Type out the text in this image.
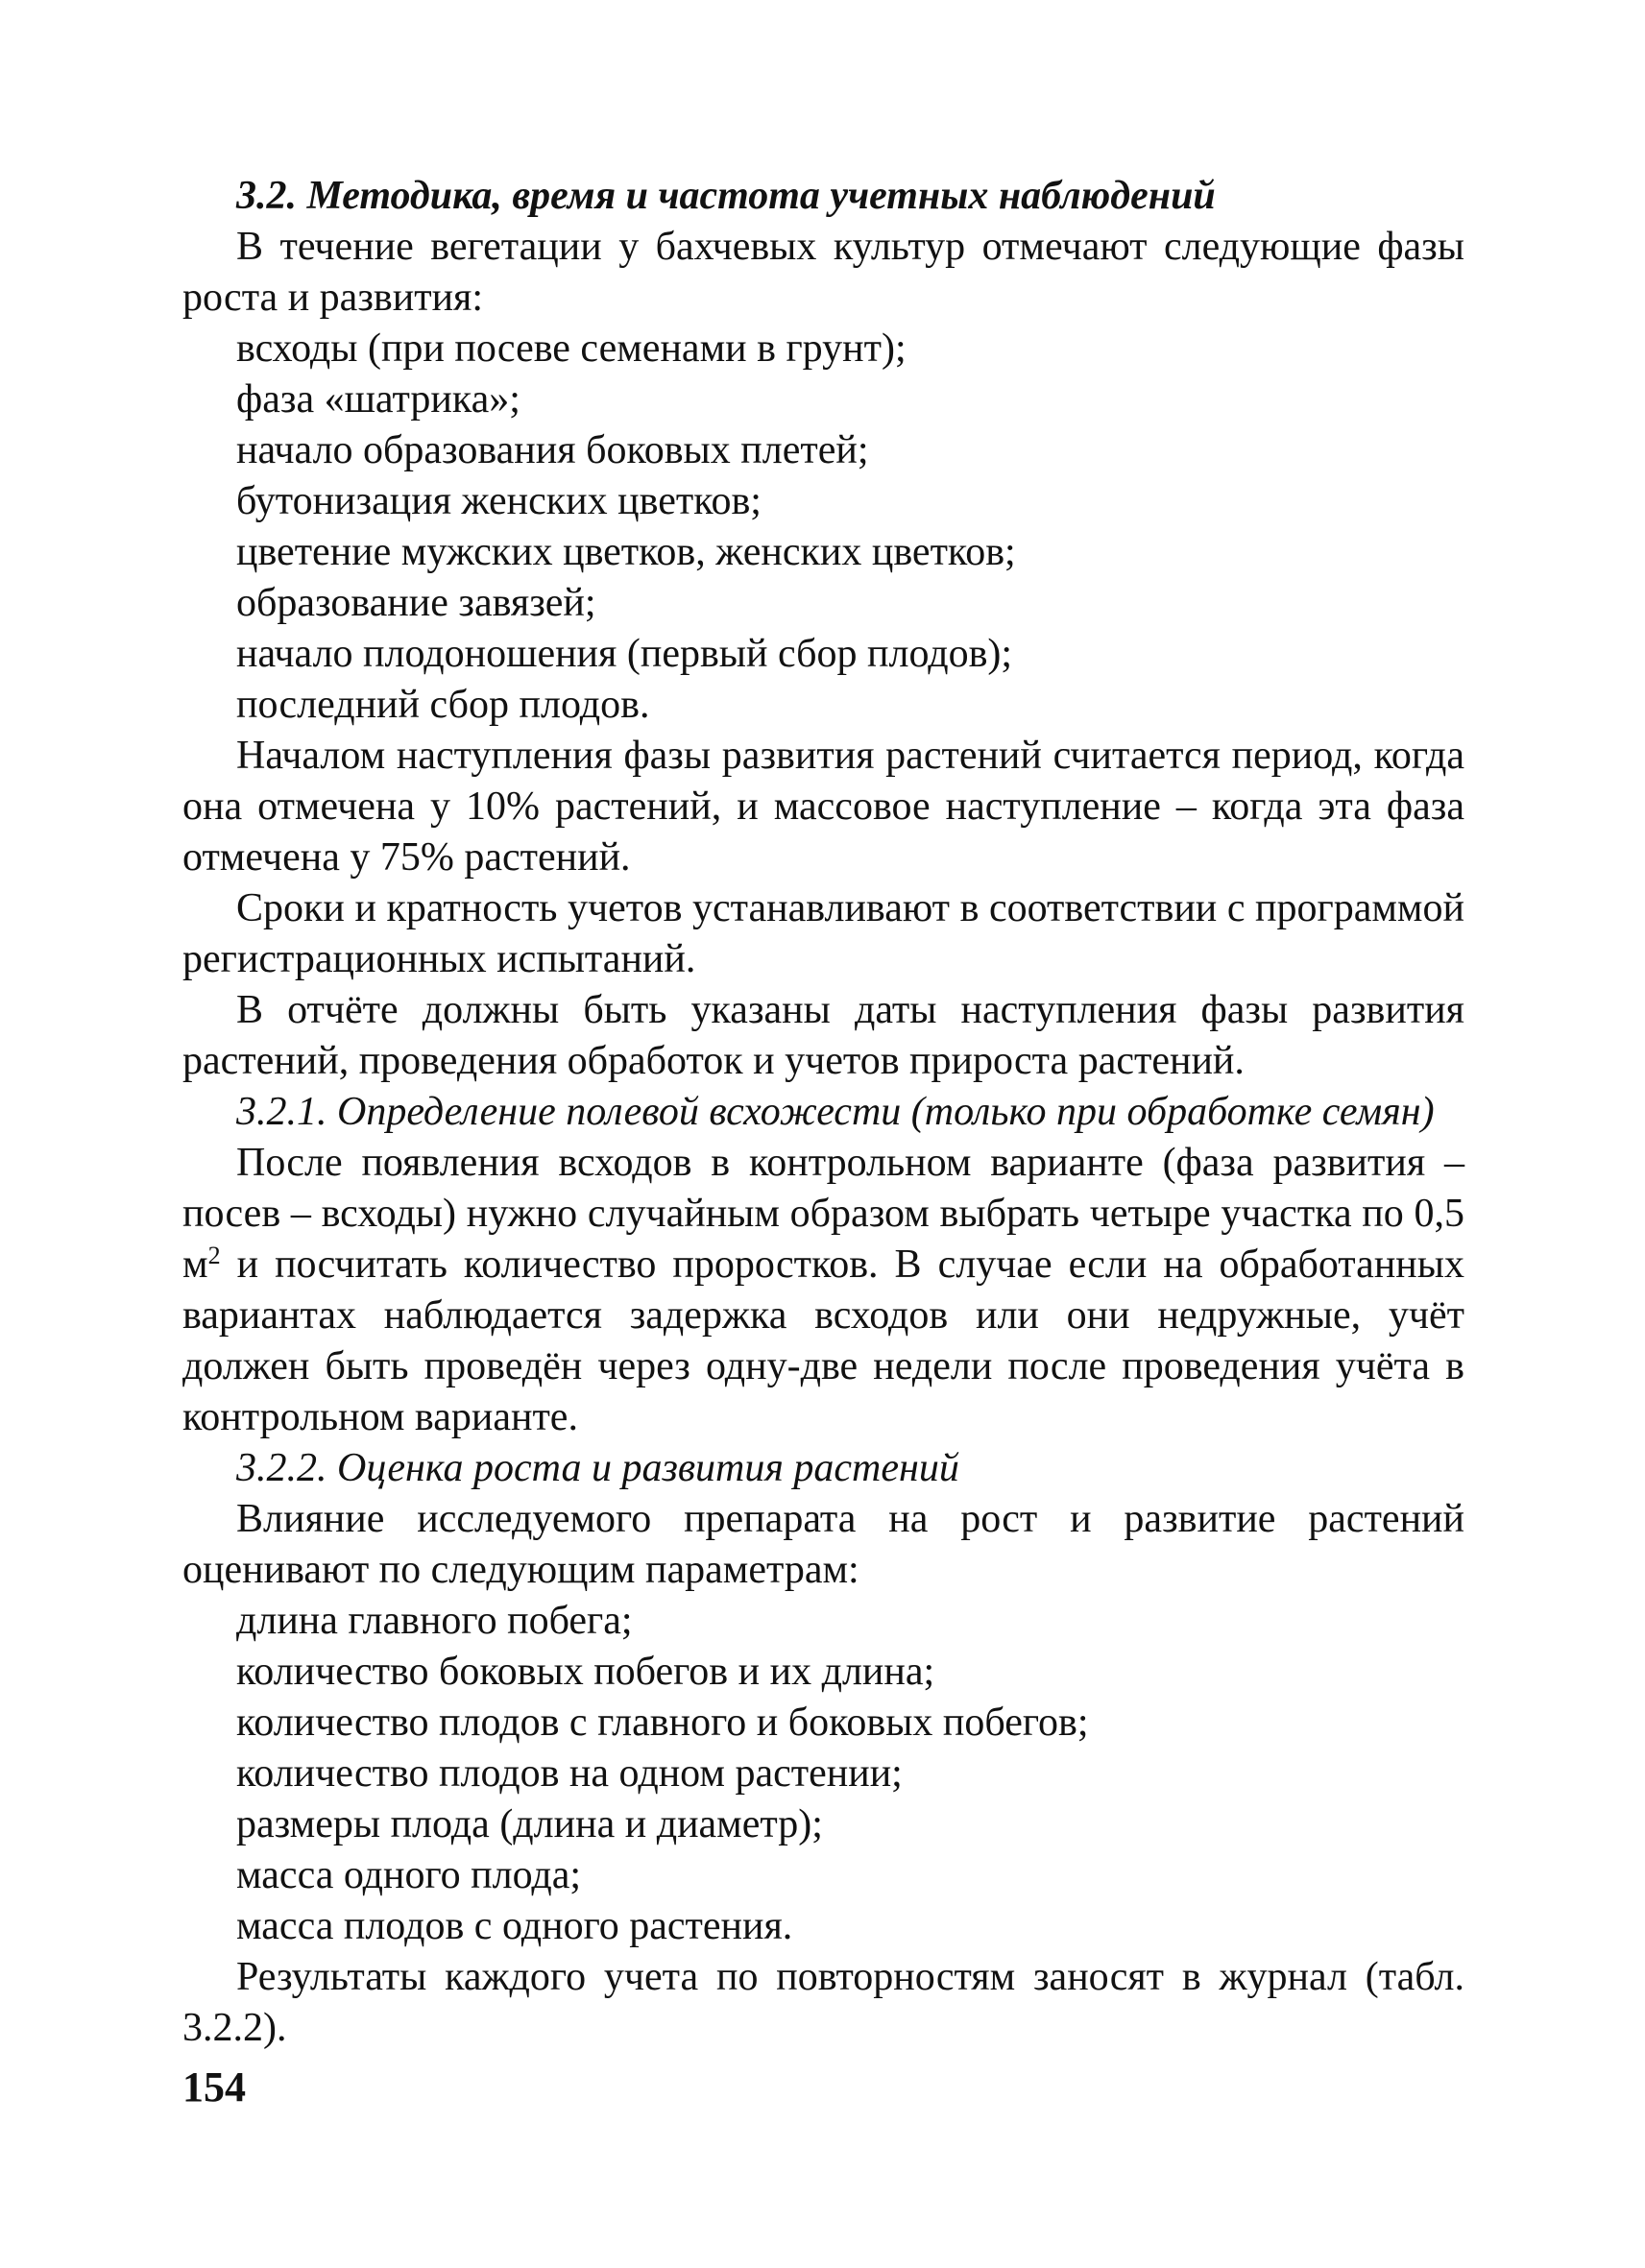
3.2. Методика, время и частота учетных наблюдений

В течение вегетации у бахчевых культур отмечают следующие фазы роста и развития:

всходы (при посеве семенами в грунт);
фаза «шатрика»;
начало образования боковых плетей;
бутонизация женских цветков;
цветение мужских цветков, женских цветков;
образование завязей;
начало плодоношения (первый сбор плодов);
последний сбор плодов.

Началом наступления фазы развития растений считается период, когда она отмечена у 10% растений, и массовое наступление – когда эта фаза отмечена у 75% растений.

Сроки и кратность учетов устанавливают в соответствии с программой регистрационных испытаний.

В отчёте должны быть указаны даты наступления фазы развития растений, проведения обработок и учетов прироста растений.

3.2.1. Определение полевой всхожести (только при обработке семян)

После появления всходов в контрольном варианте (фаза развития – посев – всходы) нужно случайным образом выбрать четыре участка по 0,5 $м^2$ и посчитать количество проростков. В случае если на обработанных вариантах наблюдается задержка всходов или они недружные, учёт должен быть проведён через одну-две недели после проведения учёта в контрольном варианте.

3.2.2. Оценка роста и развития растений

Влияние исследуемого препарата на рост и развитие растений оценивают по следующим параметрам:

длина главного побега;
количество боковых побегов и их длина;
количество плодов с главного и боковых побегов;
количество плодов на одном растении;
размеры плода (длина и диаметр);
масса одного плода;
масса плодов с одного растения.

Результаты каждого учета по повторностям заносят в журнал (табл. 3.2.2).

154
